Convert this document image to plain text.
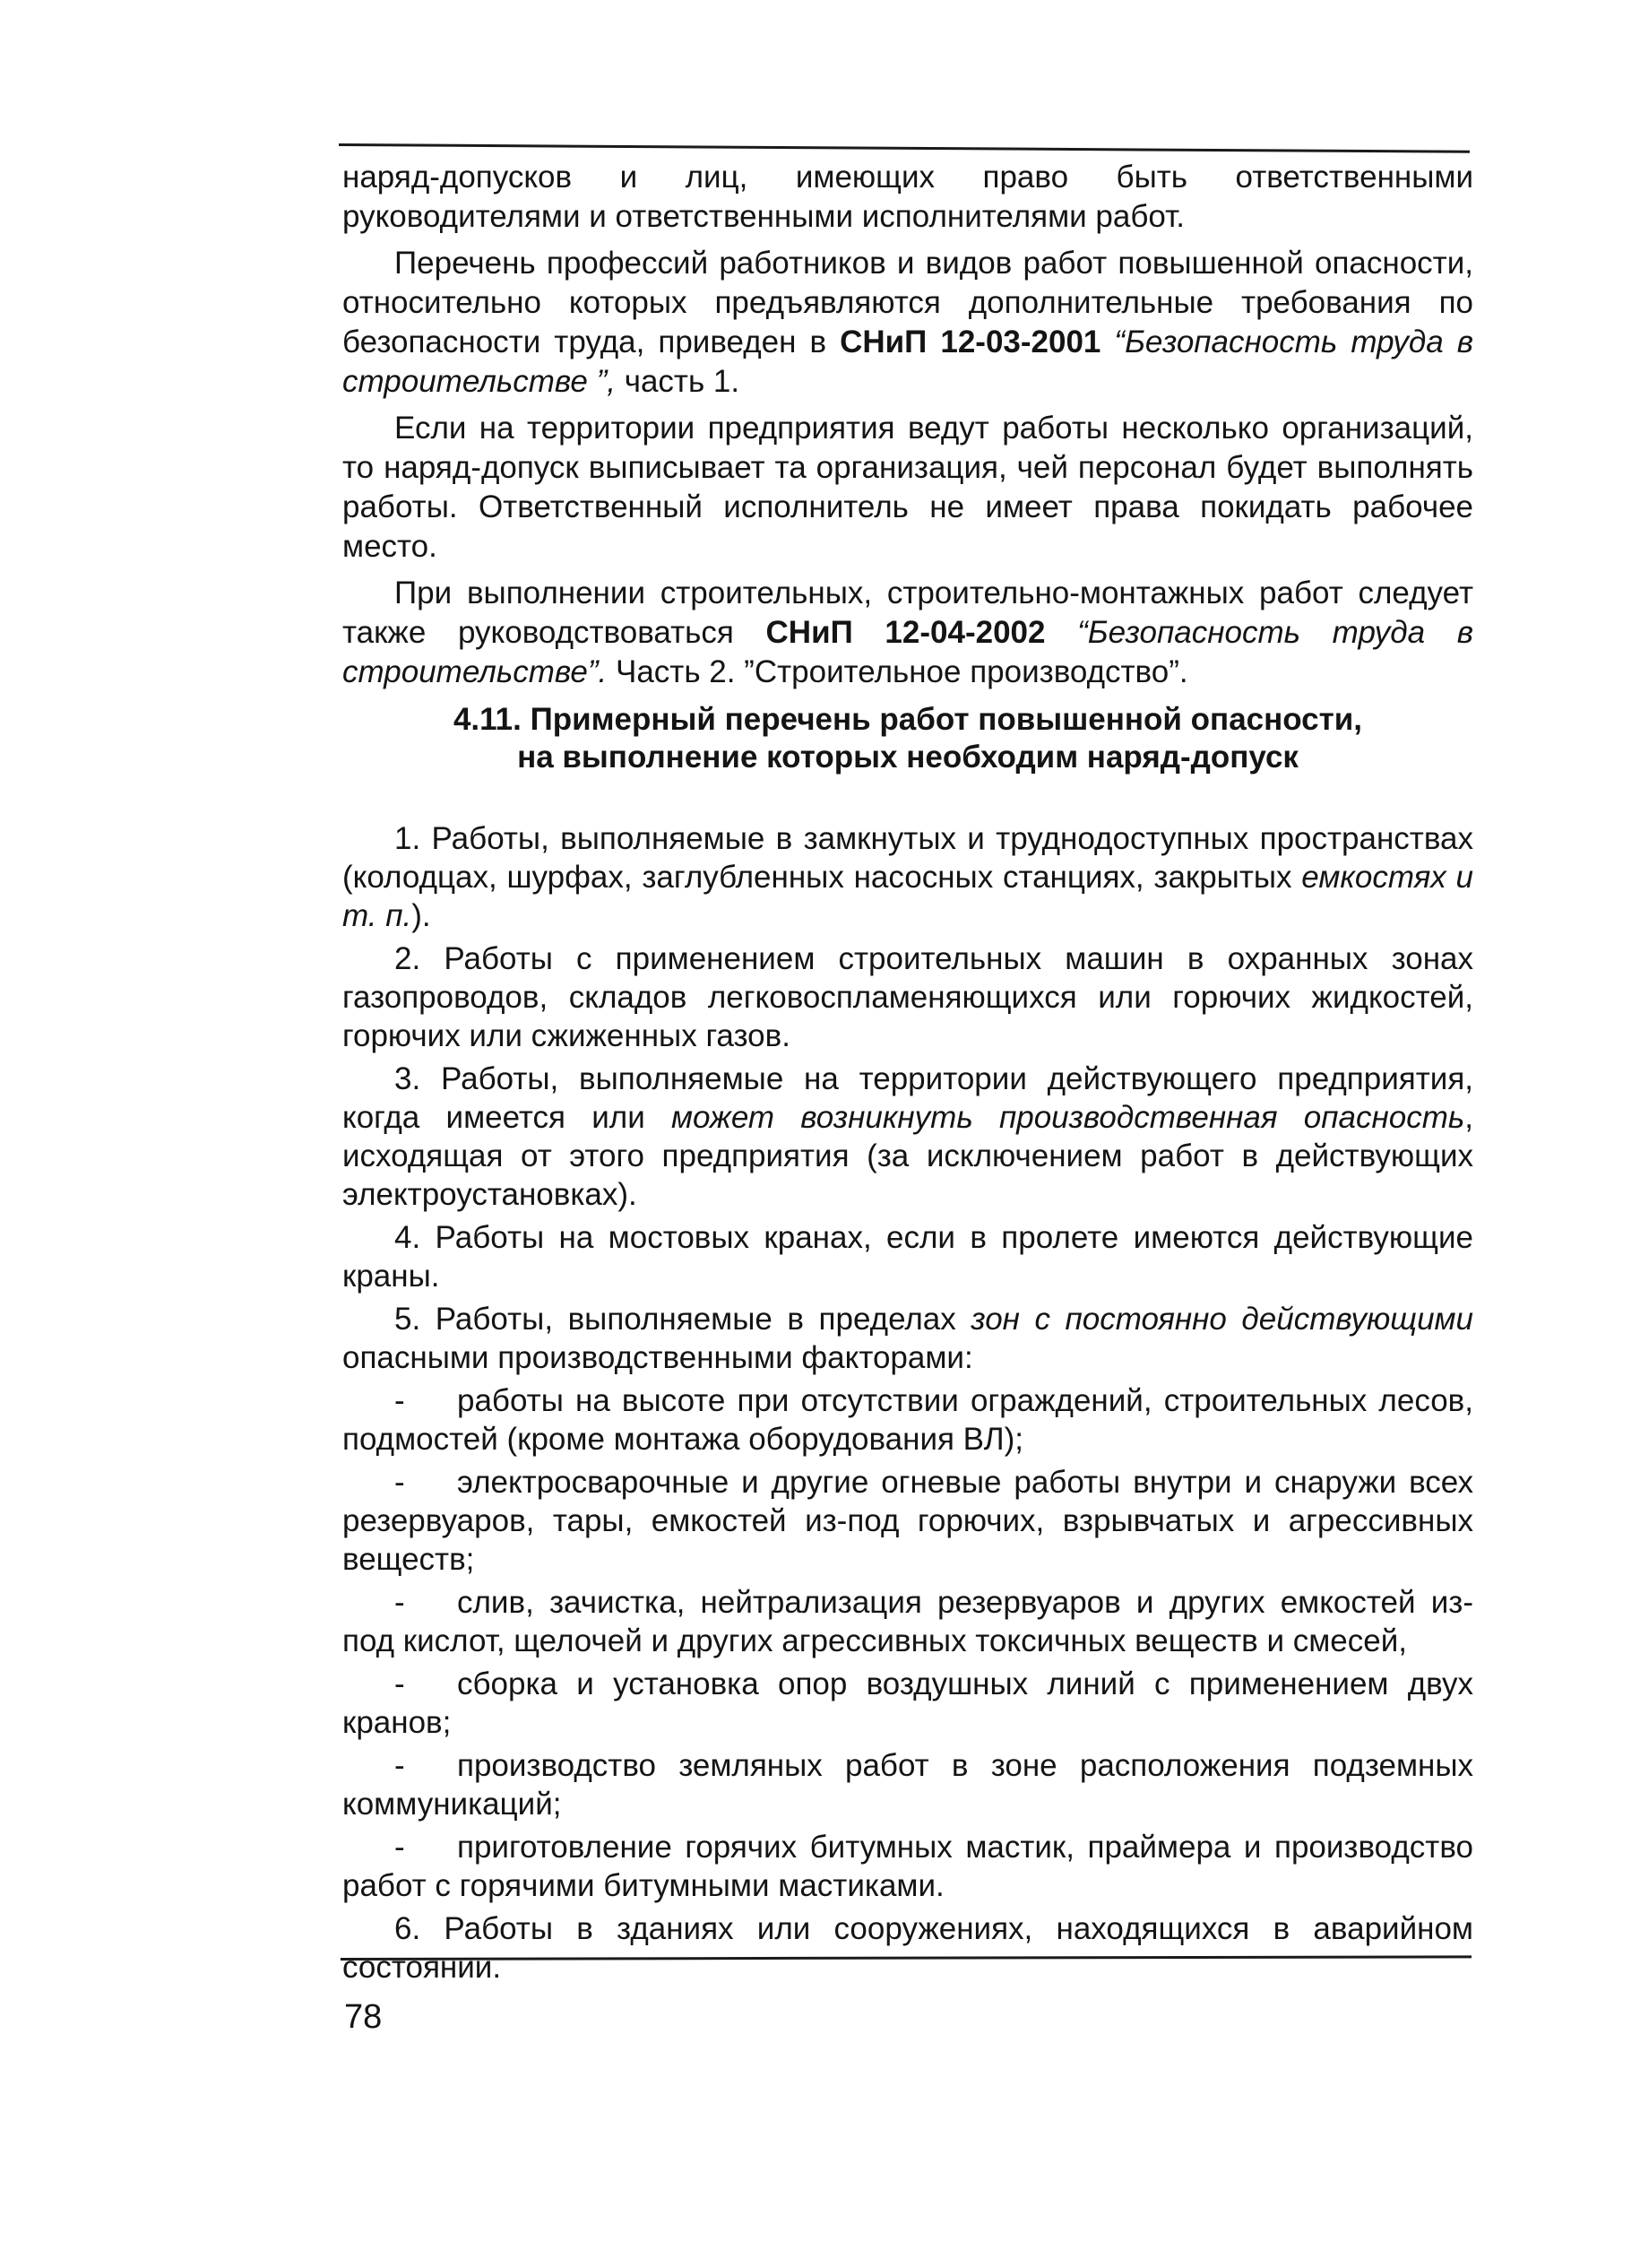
наряд-допусков и лиц, имеющих право быть ответственными руководителями и ответственными исполнителями работ.

Перечень профессий работников и видов работ повышенной опасности, относительно которых предъявляются дополнительные требования по безопасности труда, приведен в СНиП 12-03-2001 “Безопасность труда в строительстве ”, часть 1.

Если на территории предприятия ведут работы несколько организаций, то наряд-допуск выписывает та организация, чей персонал будет выполнять работы. Ответственный исполнитель не имеет права покидать рабочее место.

При выполнении строительных, строительно-монтажных работ следует также руководствоваться СНиП 12-04-2002 “Безопасность труда в строительстве”. Часть 2. ”Строительное производство”.

4.11. Примерный перечень работ повышенной опасности,
на выполнение которых необходим наряд-допуск
1. Работы, выполняемые в замкнутых и труднодоступных пространствах (колодцах, шурфах, заглубленных насосных станциях, закрытых емкостях и т. п.).
2. Работы с применением строительных машин в охранных зонах газопроводов, складов легковоспламеняющихся или горючих жидкостей, горючих или сжиженных газов.
3. Работы, выполняемые на территории действующего предприятия, когда имеется или может возникнуть производственная опасность, исходящая от этого предприятия (за исключением работ в действующих электроустановках).
4. Работы на мостовых кранах, если в пролете имеются действующие краны.
5. Работы, выполняемые в пределах зон с постоянно действующими опасными производственными факторами:
- работы на высоте при отсутствии ограждений, строительных лесов, подмостей (кроме монтажа оборудования ВЛ);
- электросварочные и другие огневые работы внутри и снаружи всех резервуаров, тары, емкостей из-под горючих, взрывчатых и агрессивных веществ;
- слив, зачистка, нейтрализация резервуаров и других емкостей из-под кислот, щелочей и других агрессивных токсичных веществ и смесей,
- сборка и установка опор воздушных линий с применением двух кранов;
- производство земляных работ в зоне расположения подземных коммуникаций;
- приготовление горячих битумных мастик, праймера и производство работ с горячими битумными мастиками.
6. Работы в зданиях или сооружениях, находящихся в аварийном состоянии.
78
